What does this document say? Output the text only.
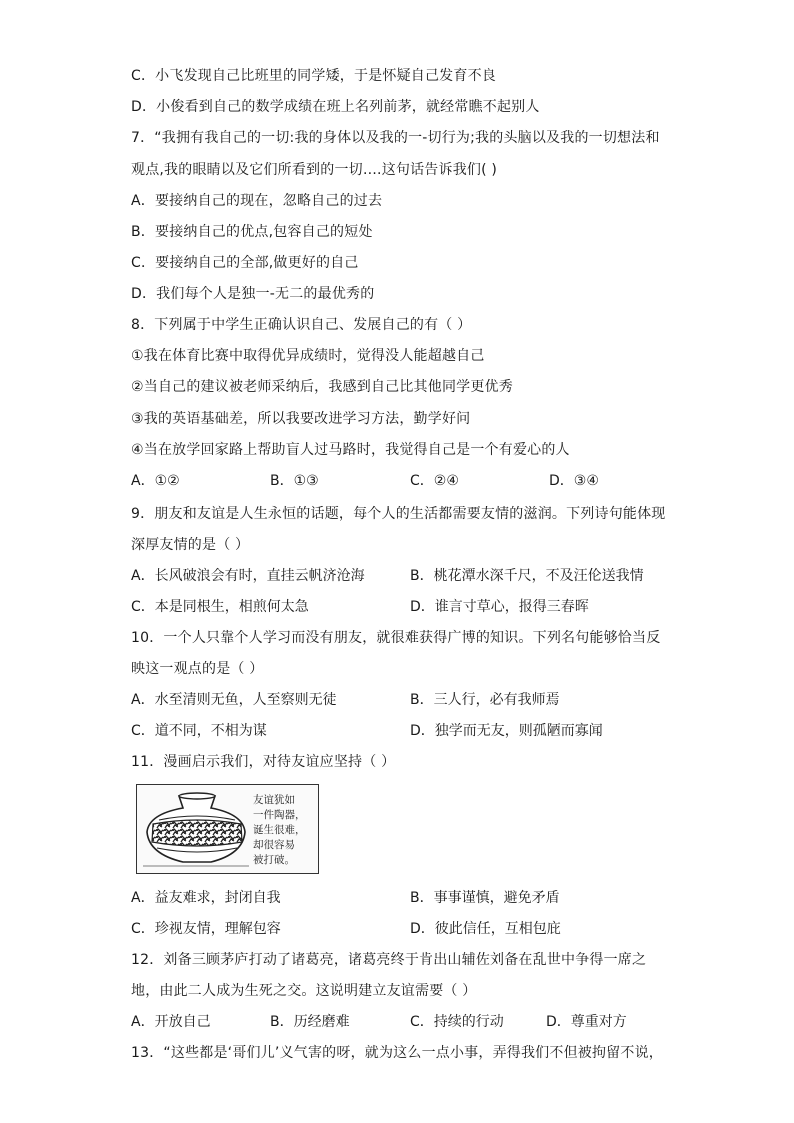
C．小飞发现自己比班里的同学矮，于是怀疑自己发育不良
D．小俊看到自己的数学成绩在班上名列前茅，就经常瞧不起别人
7．“我拥有我自己的一切:我的身体以及我的一-切行为;我的头脑以及我的一切想法和
观点,我的眼睛以及它们所看到的一切….这句话告诉我们( )
A．要接纳自己的现在，忽略自己的过去
B．要接纳自己的优点,包容自己的短处
C．要接纳自己的全部,做更好的自己
D．我们每个人是独一-无二的最优秀的
8．下列属于中学生正确认识自己、发展自己的有（ ）
①我在体育比赛中取得优异成绩时，觉得没人能超越自己
②当自己的建议被老师采纳后，我感到自己比其他同学更优秀
③我的英语基础差，所以我要改进学习方法，勤学好问
④当在放学回家路上帮助盲人过马路时，我觉得自己是一个有爱心的人
A．①②	B．①③	C．②④	D．③④
9．朋友和友谊是人生永恒的话题，每个人的生活都需要友情的滋润。下列诗句能体现
深厚友情的是（ ）
A．长风破浪会有时，直挂云帆济沧海	B．桃花潭水深千尺，不及汪伦送我情
C．本是同根生，相煎何太急	D．谁言寸草心，报得三春晖
10．一个人只靠个人学习而没有朋友，就很难获得广博的知识。下列名句能够恰当反
映这一观点的是（ ）
A．水至清则无鱼，人至察则无徒	B．三人行，必有我师焉
C．道不同，不相为谋	D．独学而无友，则孤陋而寡闻
11．漫画启示我们，对待友谊应坚持（ ）
友谊犹如
一件陶器，
诞生很难，
却很容易
被打破。
A．益友难求，封闭自我	B．事事谨慎，避免矛盾
C．珍视友情，理解包容	D．彼此信任，互相包庇
12．刘备三顾茅庐打动了诸葛亮，诸葛亮终于肯出山辅佐刘备在乱世中争得一席之
地，由此二人成为生死之交。这说明建立友谊需要（ ）
A．开放自己	B．历经磨难	C．持续的行动	D．尊重对方
13．“这些都是‘哥们儿’义气害的呀，就为这么一点小事，弄得我们不但被拘留不说，
